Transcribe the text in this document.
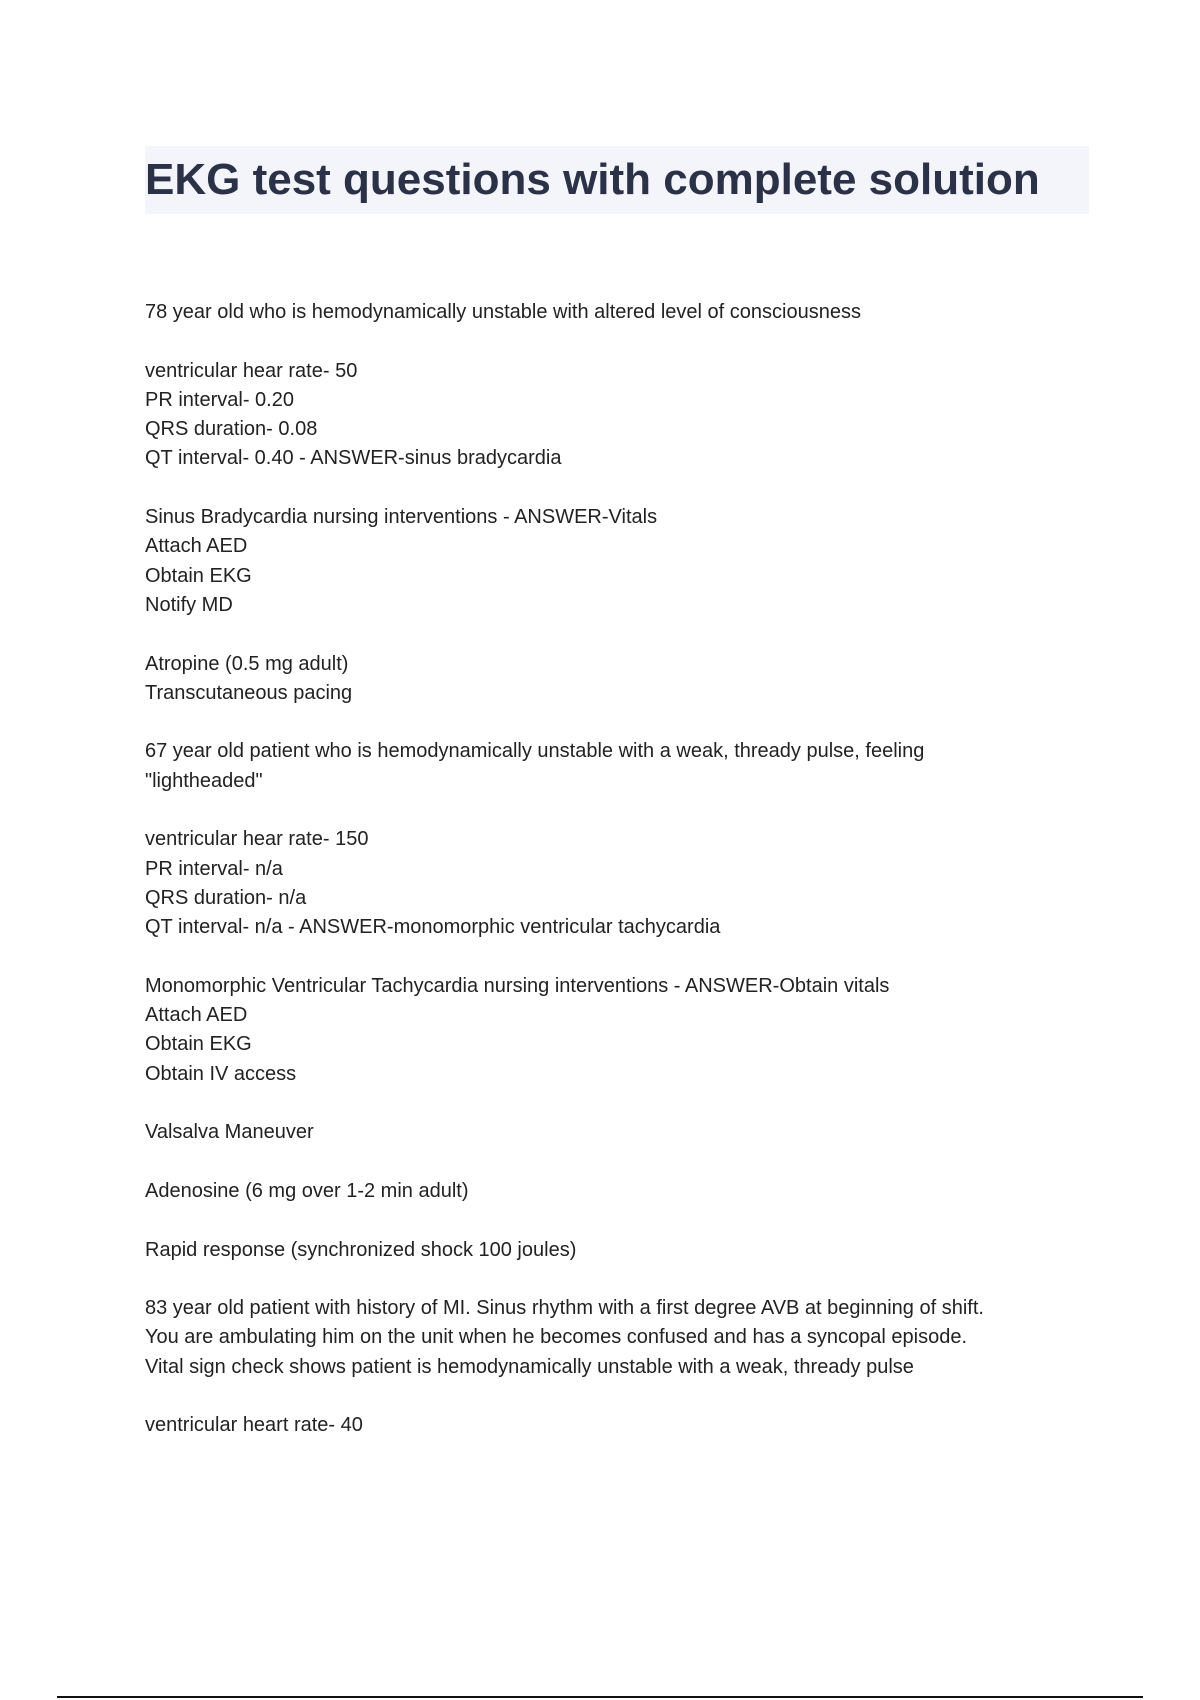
EKG test questions with complete solution

78 year old who is hemodynamically unstable with altered level of consciousness

ventricular hear rate- 50
PR interval- 0.20
QRS duration- 0.08
QT interval- 0.40 - ANSWER-sinus bradycardia

Sinus Bradycardia nursing interventions - ANSWER-Vitals
Attach AED
Obtain EKG
Notify MD

Atropine (0.5 mg adult)
Transcutaneous pacing

67 year old patient who is hemodynamically unstable with a weak, thready pulse, feeling
"lightheaded"

ventricular hear rate- 150
PR interval- n/a
QRS duration- n/a
QT interval- n/a - ANSWER-monomorphic ventricular tachycardia

Monomorphic Ventricular Tachycardia nursing interventions - ANSWER-Obtain vitals
Attach AED
Obtain EKG
Obtain IV access

Valsalva Maneuver

Adenosine (6 mg over 1-2 min adult)

Rapid response (synchronized shock 100 joules)

83 year old patient with history of MI. Sinus rhythm with a first degree AVB at beginning of shift.
You are ambulating him on the unit when he becomes confused and has a syncopal episode.
Vital sign check shows patient is hemodynamically unstable with a weak, thready pulse

ventricular heart rate- 40
